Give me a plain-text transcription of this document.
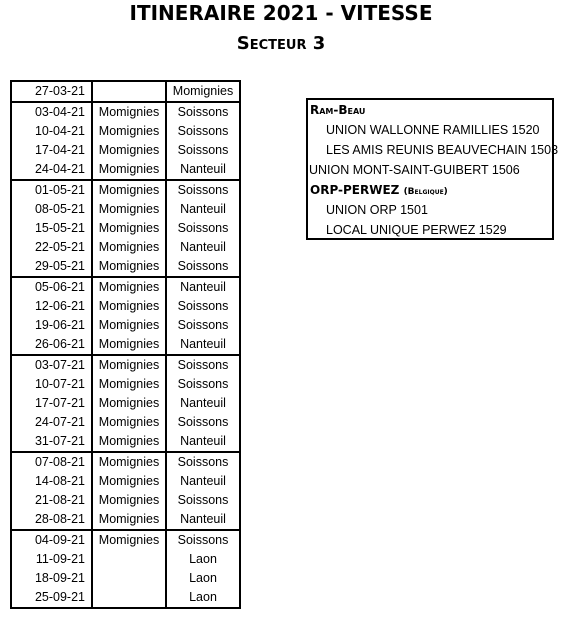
ITINERAIRE 2021 - VITESSE
Secteur 3
27-03-21		Momignies
03-04-21	Momignies	Soissons
10-04-21	Momignies	Soissons
17-04-21	Momignies	Soissons
24-04-21	Momignies	Nanteuil
01-05-21	Momignies	Soissons
08-05-21	Momignies	Nanteuil
15-05-21	Momignies	Soissons
22-05-21	Momignies	Nanteuil
29-05-21	Momignies	Soissons
05-06-21	Momignies	Nanteuil
12-06-21	Momignies	Soissons
19-06-21	Momignies	Soissons
26-06-21	Momignies	Nanteuil
03-07-21	Momignies	Soissons
10-07-21	Momignies	Soissons
17-07-21	Momignies	Nanteuil
24-07-21	Momignies	Soissons
31-07-21	Momignies	Nanteuil
07-08-21	Momignies	Soissons
14-08-21	Momignies	Nanteuil
21-08-21	Momignies	Soissons
28-08-21	Momignies	Nanteuil
04-09-21	Momignies	Soissons
11-09-21		Laon
18-09-21		Laon
25-09-21		Laon
Ram-Beau
UNION WALLONNE RAMILLIES 1520
LES AMIS REUNIS BEAUVECHAIN 1503
UNION MONT-SAINT-GUIBERT 1506
ORP-PERWEZ (Belgique)
UNION ORP 1501
LOCAL UNIQUE PERWEZ 1529
